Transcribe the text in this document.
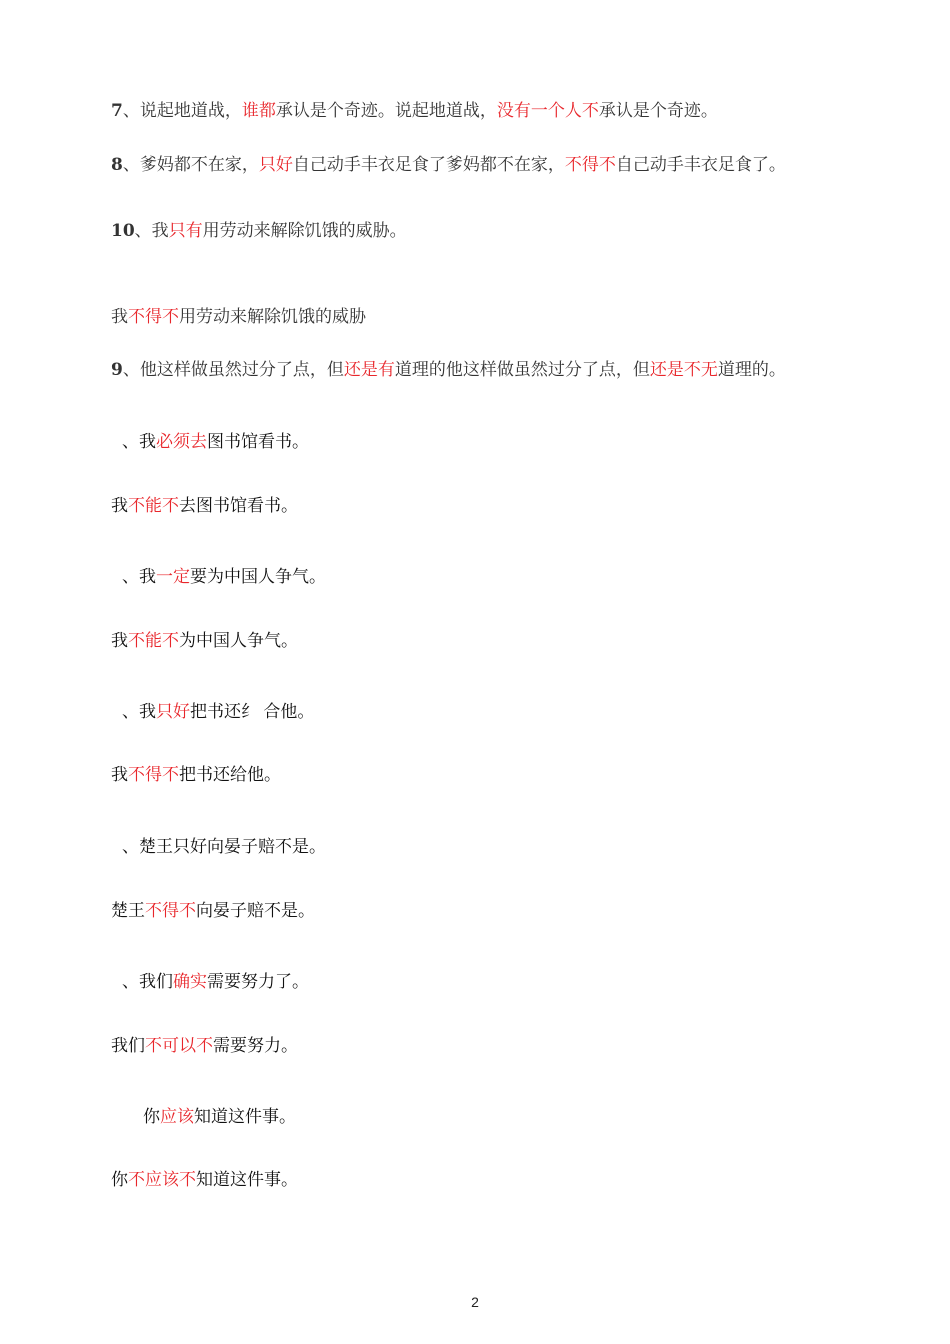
7、说起地道战，谁都承认是个奇迹。说起地道战，没有一个人不承认是个奇迹。
8、爹妈都不在家，只好自己动手丰衣足食了爹妈都不在家，不得不自己动手丰衣足食了。
10、我只有用劳动来解除饥饿的威胁。
我不得不用劳动来解除饥饿的威胁
9、他这样做虽然过分了点，但还是有道理的他这样做虽然过分了点，但还是不无道理的。
、我必须去图书馆看书。
我不能不去图书馆看书。
、我一定要为中国人争气。
我不能不为中国人争气。
、我只好把书还纟 合他。
我不得不把书还给他。
、楚王只好向晏子赔不是。
楚王不得不向晏子赔不是。
、我们确实需要努力了。
我们不可以不需要努力。
你应该知道这件事。
你不应该不知道这件事。
2
